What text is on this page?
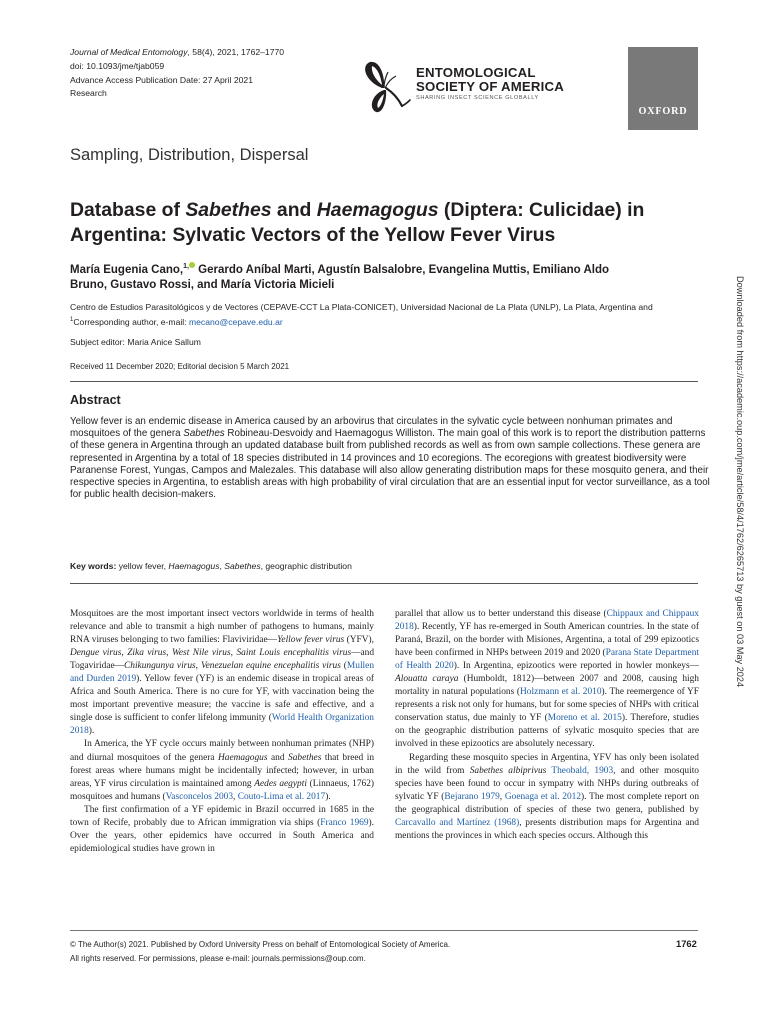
Journal of Medical Entomology, 58(4), 2021, 1762–1770
doi: 10.1093/jme/tjab059
Advance Access Publication Date: 27 April 2021
Research
ENTOMOLOGICAL
SOCIETY OF AMERICA
SHARING INSECT SCIENCE GLOBALLY
OXFORD
Sampling, Distribution, Dispersal
Database of Sabethes and Haemagogus (Diptera: Culicidae) in Argentina: Sylvatic Vectors of the Yellow Fever Virus
María Eugenia Cano,$^{1,}$ Gerardo Aníbal Marti, Agustín Balsalobre, Evangelina Muttis, Emiliano Aldo Bruno, Gustavo Rossi, and María Victoria Micieli
Centro de Estudios Parasitológicos y de Vectores (CEPAVE-CCT La Plata-CONICET), Universidad Nacional de La Plata (UNLP), La Plata, Argentina and $^1$Corresponding author, e-mail: mecano@cepave.edu.ar
Subject editor: Maria Anice Sallum
Received 11 December 2020; Editorial decision 5 March 2021
Abstract

Yellow fever is an endemic disease in America caused by an arbovirus that circulates in the sylvatic cycle between nonhuman primates and mosquitoes of the genera Sabethes Robineau-Desvoidy and Haemagogus Williston. The main goal of this work is to report the distribution patterns of these genera in Argentina through an updated database built from published records as well as from own sample collections. These genera are represented in Argentina by a total of 18 species distributed in 14 provinces and 10 ecoregions. The ecoregions with greatest biodiversity were Paranense Forest, Yungas, Campos and Malezales. This database will also allow generating distribution maps for these mosquito genera, and their respective species in Argentina, to establish areas with high probability of viral circulation that are an essential input for vector surveillance, as a tool for public health decision-makers.

Key words: yellow fever, Haemagogus, Sabethes, geographic distribution

Mosquitoes are the most important insect vectors worldwide in terms of health relevance and able to transmit a high number of pathogens to humans, mainly RNA viruses belonging to two families: Flaviviridae—Yellow fever virus (YFV), Dengue virus, Zika virus, West Nile virus, Saint Louis encephalitis virus—and Togaviridae—Chikungunya virus, Venezuelan equine encephalitis virus (Mullen and Durden 2019). Yellow fever (YF) is an endemic disease in tropical areas of Africa and South America. There is no cure for YF, with vaccination being the most important preventive measure; the vaccine is safe and effective, and a single dose is sufficient to confer lifelong immunity (World Health Organization 2018).

In America, the YF cycle occurs mainly between nonhuman primates (NHP) and diurnal mosquitoes of the genera Haemagogus and Sabethes that breed in forest areas where humans might be incidentally infected; however, in urban areas, YF virus circulation is maintained among Aedes aegypti (Linnaeus, 1762) mosquitoes and humans (Vasconcelos 2003, Couto-Lima et al. 2017).

The first confirmation of a YF epidemic in Brazil occurred in 1685 in the town of Recife, probably due to African immigration via ships (Franco 1969). Over the years, other epidemics have occurred in South America and epidemiological studies have grown in

parallel that allow us to better understand this disease (Chippaux and Chippaux 2018). Recently, YF has re-emerged in South American countries. In the state of Paraná, Brazil, on the border with Misiones, Argentina, a total of 299 epizootics have been confirmed in NHPs between 2019 and 2020 (Parana State Department of Health 2020). In Argentina, epizootics were reported in howler monkeys—Alouatta caraya (Humboldt, 1812)—between 2007 and 2008, causing high mortality in natural populations (Holzmann et al. 2010). The reemergence of YF represents a risk not only for humans, but for some species of NHPs with critical conservation status, due mainly to YF (Moreno et al. 2015). Therefore, studies on the geographic distribution patterns of sylvatic mosquito species that are involved in these epizootics are absolutely necessary.

Regarding these mosquito species in Argentina, YFV has only been isolated in the wild from Sabethes albiprivus Theobald, 1903, and other mosquito species have been found to occur in sympatry with NHPs during outbreaks of sylvatic YF (Bejarano 1979, Goenaga et al. 2012). The most complete report on the geographical distribution of species of these two genera, published by Carcavallo and Martínez (1968), presents distribution maps for Argentina and mentions the provinces in which each species occurs. Although this

© The Author(s) 2021. Published by Oxford University Press on behalf of Entomological Society of America.
All rights reserved. For permissions, please e-mail: journals.permissions@oup.com.
1762
Downloaded from https://academic.oup.com/jme/article/58/4/1762/6265713 by guest on 03 May 2024
